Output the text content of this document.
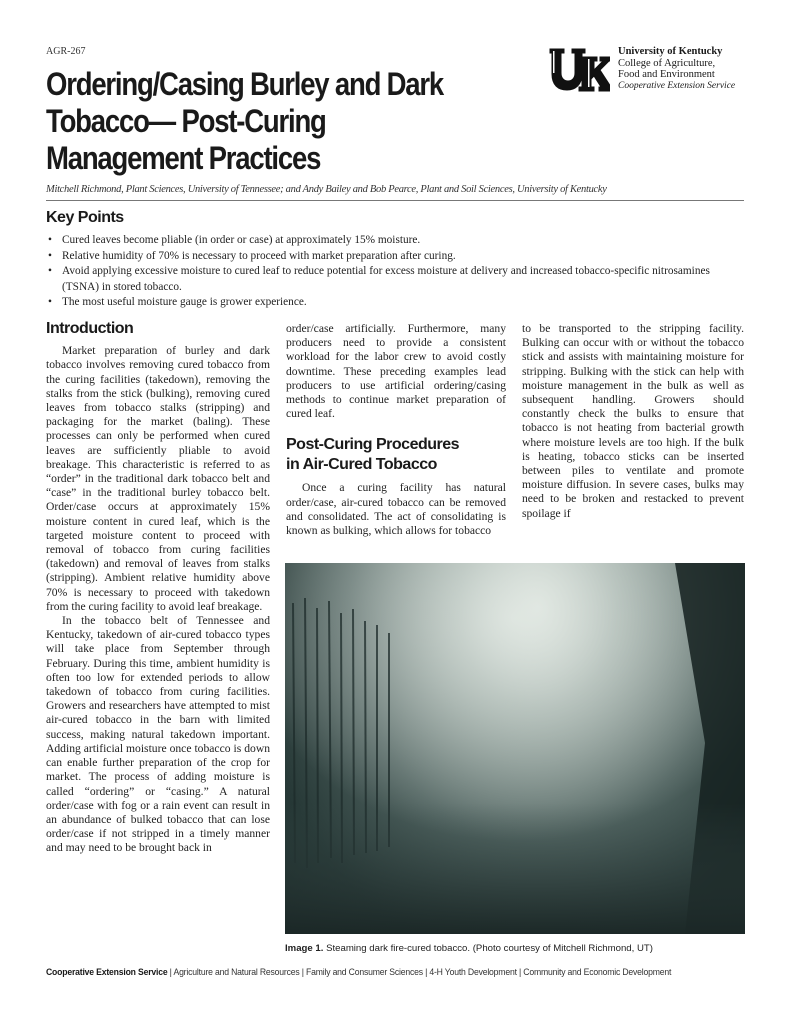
AGR-267
Ordering/Casing Burley and Dark Tobacco— Post-Curing Management Practices
University of Kentucky
College of Agriculture,
Food and Environment
Cooperative Extension Service
Mitchell Richmond, Plant Sciences, University of Tennessee; and Andy Bailey and Bob Pearce, Plant and Soil Sciences, University of Kentucky
Key Points
• Cured leaves become pliable (in order or case) at approximately 15% moisture.
• Relative humidity of 70% is necessary to proceed with market preparation after curing.
• Avoid applying excessive moisture to cured leaf to reduce potential for excess moisture at delivery and increased tobacco-specific nitrosamines (TSNA) in stored tobacco.
• The most useful moisture gauge is grower experience.
Introduction

Market preparation of burley and dark tobacco involves removing cured tobacco from the curing facilities (takedown), removing the stalks from the stick (bulking), removing cured leaves from tobacco stalks (stripping) and packaging for the market (baling). These processes can only be performed when cured leaves are sufficiently pliable to avoid breakage. This characteristic is referred to as “order” in the traditional dark tobacco belt and “case” in the traditional burley tobacco belt. Order/case occurs at approximately 15% moisture content in cured leaf, which is the targeted moisture content to proceed with removal of tobacco from curing facilities (takedown) and removal of leaves from stalks (stripping). Ambient relative humidity above 70% is necessary to proceed with takedown from the curing facility to avoid leaf breakage.

In the tobacco belt of Tennessee and Kentucky, takedown of air-cured tobacco types will take place from September through February. During this time, ambient humidity is often too low for extended periods to allow takedown of tobacco from curing facilities. Growers and researchers have attempted to mist air-cured tobacco in the barn with limited success, making natural takedown important. Adding artificial moisture once tobacco is down can enable further preparation of the crop for market. The process of adding moisture is called “ordering” or “casing.” A natural order/case with fog or a rain event can result in an abundance of bulked tobacco that can lose order/case if not stripped in a timely manner and may need to be brought back in

order/case artificially. Furthermore, many producers need to provide a consistent workload for the labor crew to avoid costly downtime. These preceding examples lead producers to use artificial ordering/casing methods to continue market preparation of cured leaf.

Post-Curing Procedures
in Air-Cured Tobacco

Once a curing facility has natural order/case, air-cured tobacco can be removed and consolidated. The act of consolidating is known as bulking, which allows for tobacco

to be transported to the stripping facility. Bulking can occur with or without the tobacco stick and assists with maintaining moisture for stripping. Bulking with the stick can help with moisture management in the bulk as well as subsequent handling. Growers should constantly check the bulks to ensure that tobacco is not heating from bacterial growth where moisture levels are too high. If the bulk is heating, tobacco sticks can be inserted between piles to ventilate and promote moisture diffusion. In severe cases, bulks may need to be broken and restacked to prevent spoilage if

Image 1. Steaming dark fire-cured tobacco. (Photo courtesy of Mitchell Richmond, UT)
Cooperative Extension Service | Agriculture and Natural Resources | Family and Consumer Sciences | 4-H Youth Development | Community and Economic Development
